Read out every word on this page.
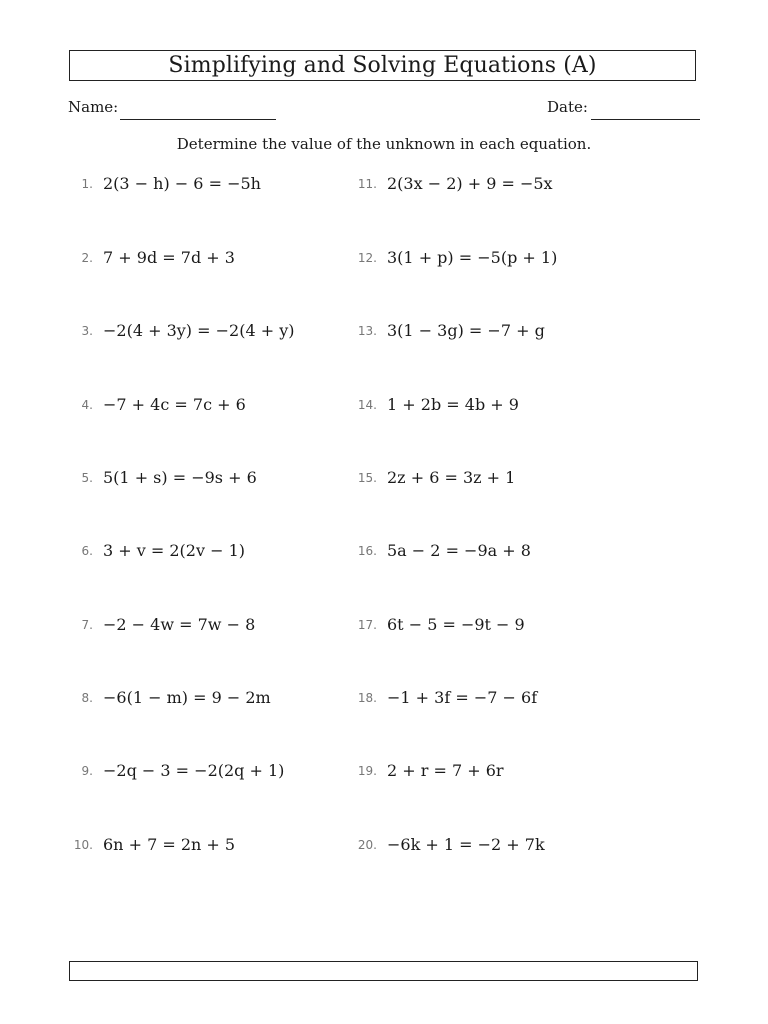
Simplifying and Solving Equations (A)
Name:	Date:
Determine the value of the unknown in each equation.
1. 2(3 − h) − 6 = −5h
2. 7 + 9d = 7d + 3
3. −2(4 + 3y) = −2(4 + y)
4. −7 + 4c = 7c + 6
5. 5(1 + s) = −9s + 6
6. 3 + v = 2(2v − 1)
7. −2 − 4w = 7w − 8
8. −6(1 − m) = 9 − 2m
9. −2q − 3 = −2(2q + 1)
10. 6n + 7 = 2n + 5
11. 2(3x − 2) + 9 = −5x
12. 3(1 + p) = −5(p + 1)
13. 3(1 − 3g) = −7 + g
14. 1 + 2b = 4b + 9
15. 2z + 6 = 3z + 1
16. 5a − 2 = −9a + 8
17. 6t − 5 = −9t − 9
18. −1 + 3f = −7 − 6f
19. 2 + r = 7 + 6r
20. −6k + 1 = −2 + 7k
